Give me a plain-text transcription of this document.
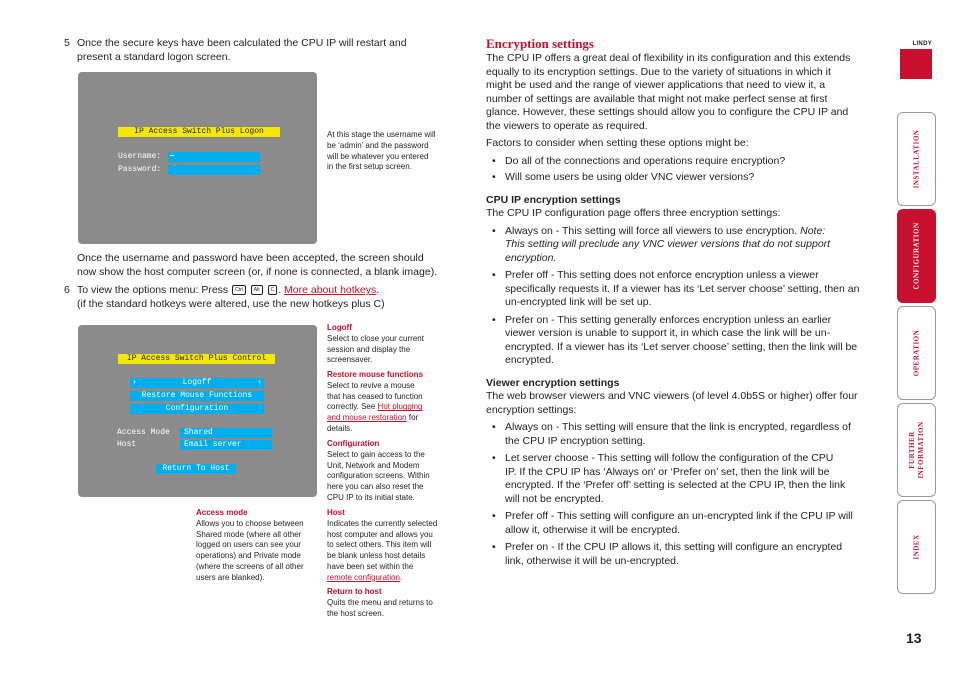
5 Once the secure keys have been calculated the CPU IP will restart and
present a standard logon screen.
IP Access Switch Plus Logon
Username: ⬅
Password:
At this stage the username will
be ‘admin’ and the password
will be whatever you entered
in the first setup screen.
Once the username and password have been accepted, the screen should
now show the host computer screen (or, if none is connected, a blank image).
6 To view the options menu: Press Ctrl Alt C . More about hotkeys.
(if the standard hotkeys were altered, use the new hotkeys plus C)
IP Access Switch Plus Control
›	Logoff	‹
Restore Mouse Functions
Configuration
Access Mode	Shared
Host	Email server
Return To Host
Logoff
Select to close your current
session and display the
screensaver.
Restore mouse functions
Select to revive a mouse
that has ceased to function
correctly. See Hot plugging
and mouse restoration for
details.
Configuration
Select to gain access to the
Unit, Network and Modem
configuration screens. Within
here you can also reset the
CPU IP to its initial state.
Access mode
Allows you to choose between
Shared mode (where all other
logged on users can see your
operations) and Private mode
(where the screens of all other
users are blanked).
Host
Indicates the currently selected
host computer and allows you
to select others. This item will
be blank unless host details
have been set within the
remote configuration.
Return to host
Quits the menu and returns to
the host screen.
Encryption settings
The CPU IP offers a great deal of flexibility in its configuration and this extends
equally to its encryption settings. Due to the variety of situations in which it
might be used and the range of viewer applications that need to view it, a
number of settings are available that might not make perfect sense at first
glance. However, these settings should allow you to configure the CPU IP and
the viewers to operate as required.
Factors to consider when setting these options might be:
• Do all of the connections and operations require encryption?
• Will some users be using older VNC viewer versions?
CPU IP encryption settings
The CPU IP configuration page offers three encryption settings:
• Always on - This setting will force all viewers to use encryption. Note:
This setting will preclude any VNC viewer versions that do not support
encryption.
• Prefer off - This setting does not enforce encryption unless a viewer
specifically requests it. If a viewer has its ‘Let server choose’ setting, then an
un-encrypted link will be set up.
• Prefer on - This setting generally enforces encryption unless an earlier
viewer version is unable to support it, in which case the link will be un-
encrypted. If a viewer has its ‘Let server choose’ setting, then the link will be
encrypted.
Viewer encryption settings
The web browser viewers and VNC viewers (of level 4.0b5S or higher) offer four
encryption settings:
• Always on - This setting will ensure that the link is encrypted, regardless of
the CPU IP encryption setting.
• Let server choose - This setting will follow the configuration of the CPU
IP. If the CPU IP has ‘Always on’ or ‘Prefer on’ set, then the link will be
encrypted. If the ‘Prefer off’ setting is selected at the CPU IP, then the link
will not be encrypted.
• Prefer off - This setting will configure an un-encrypted link if the CPU IP will
allow it, otherwise it will be encrypted.
• Prefer on - If the CPU IP allows it, this setting will configure an encrypted
link, otherwise it will be un-encrypted.
LINDY
INSTALLATION
CONFIGURATION
OPERATION
FURTHER INFORMATION
INDEX
13
